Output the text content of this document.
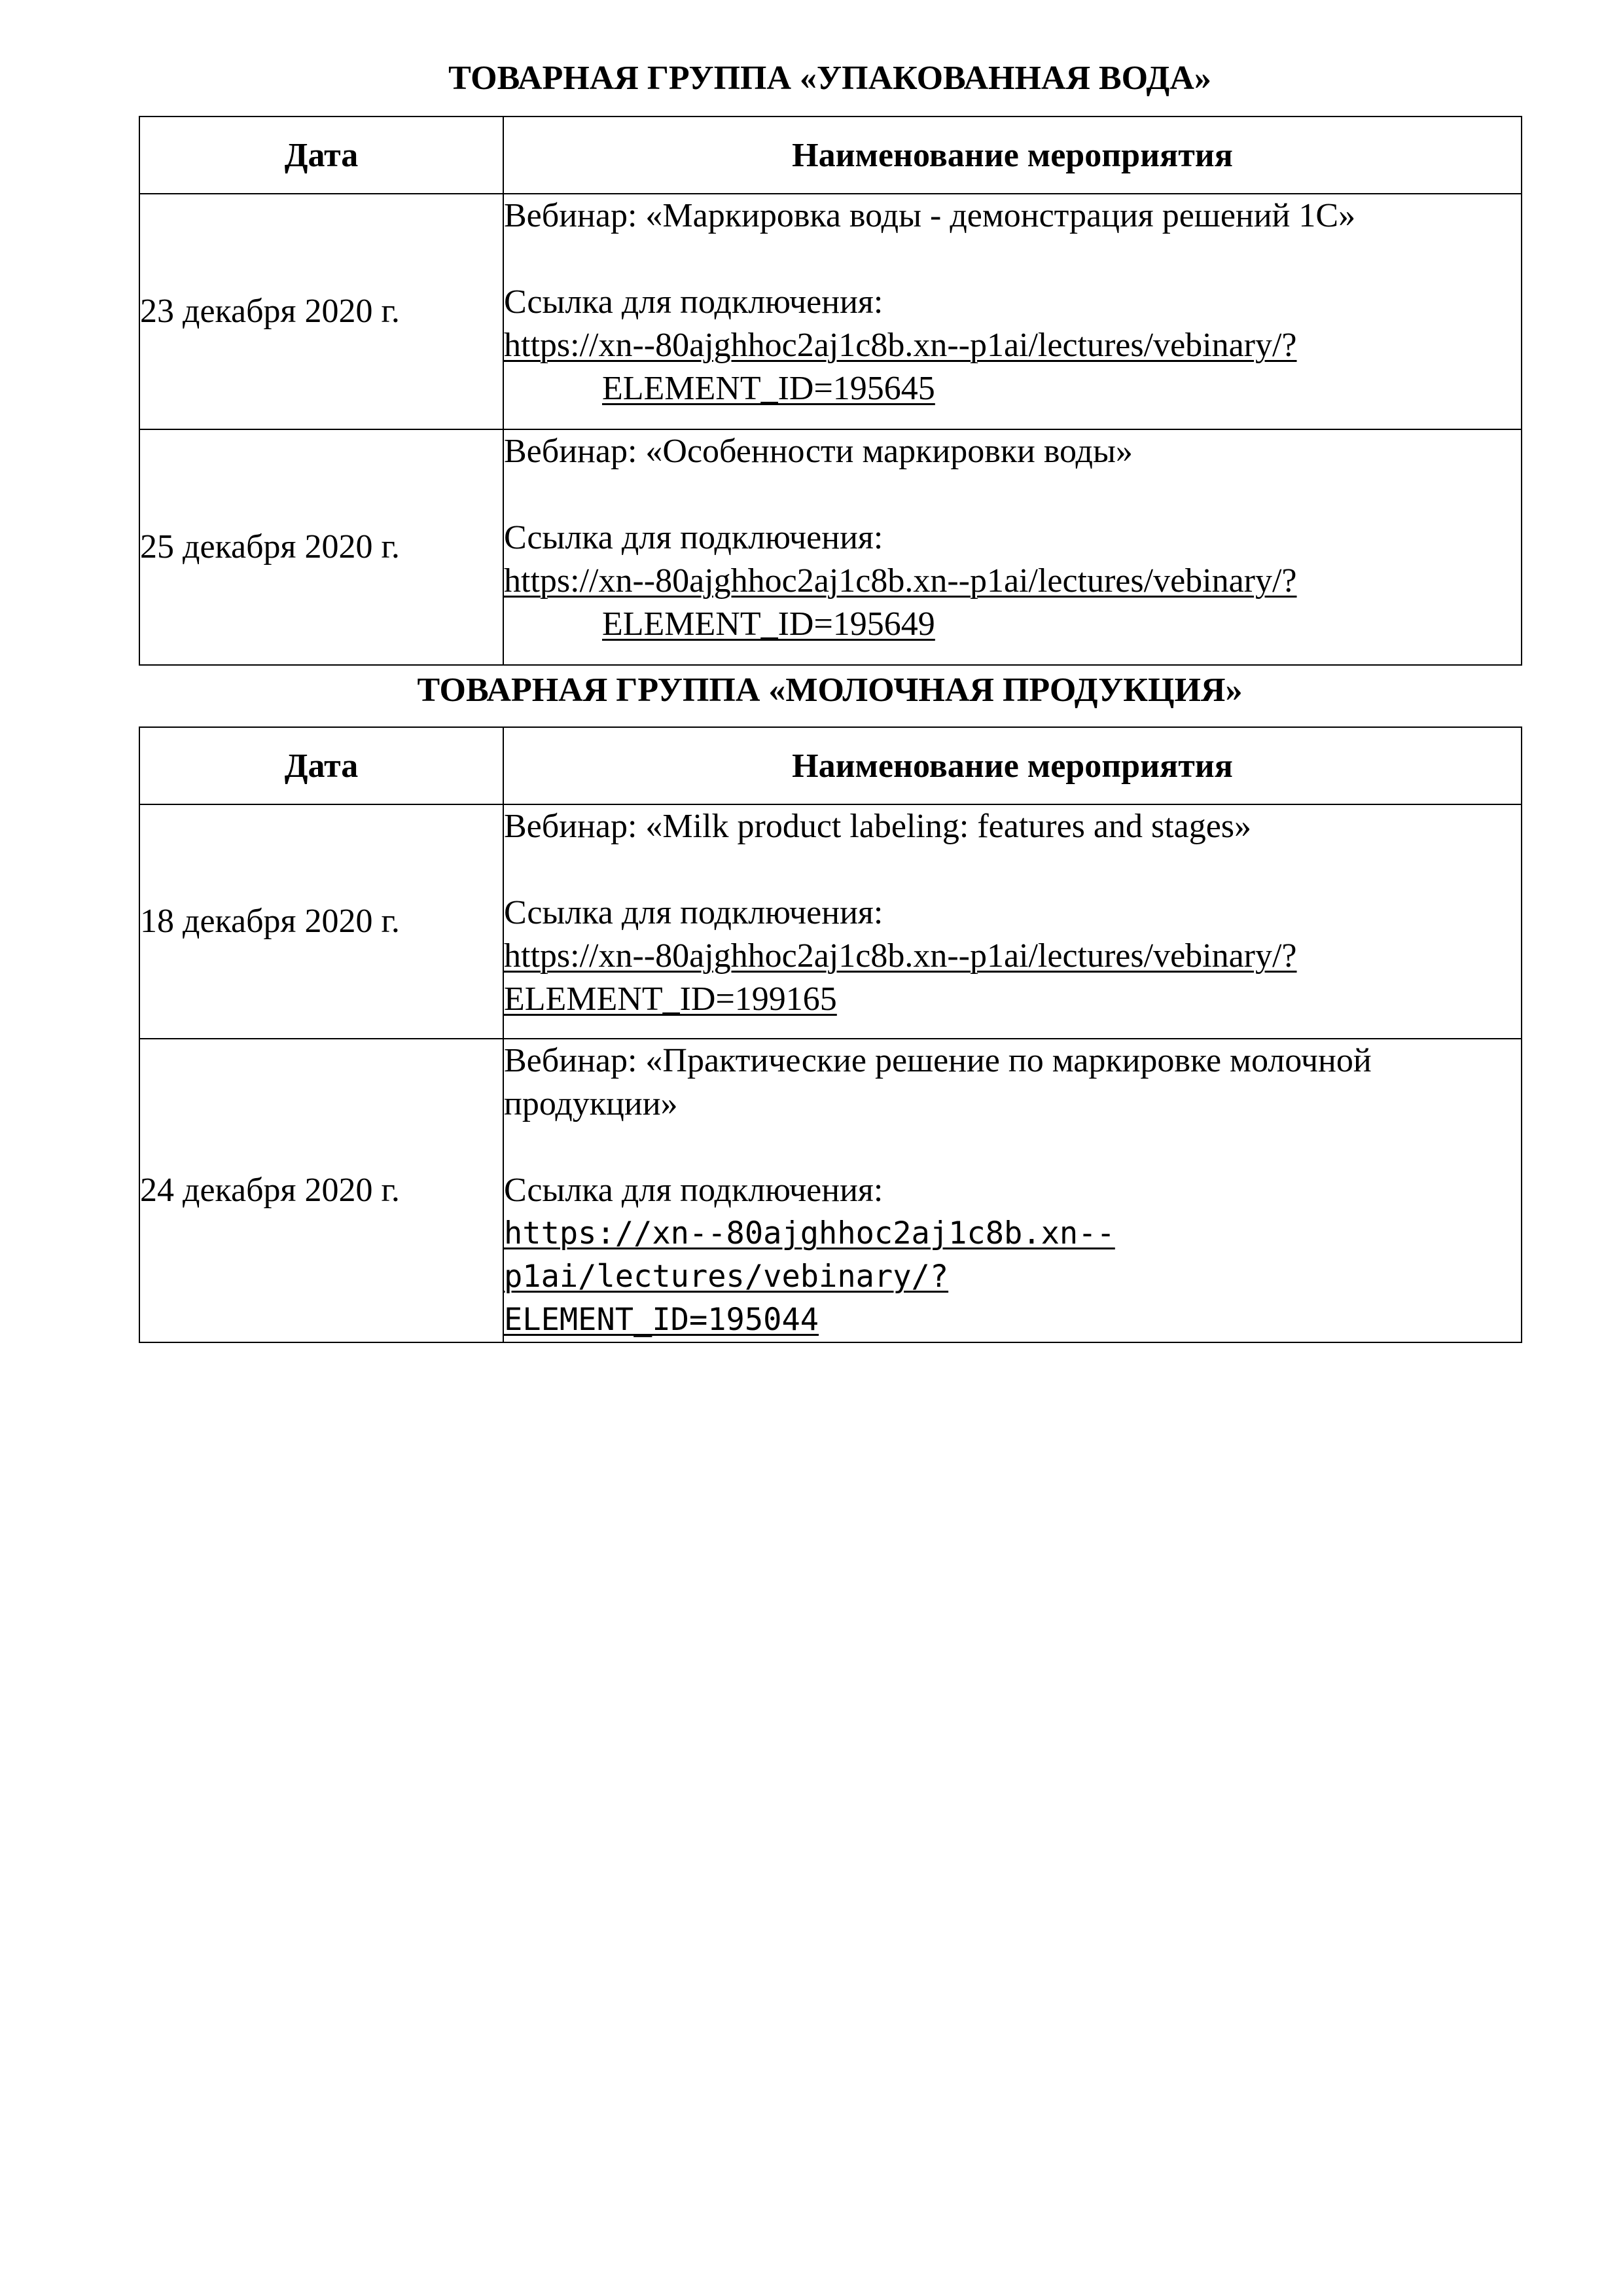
ТОВАРНАЯ ГРУППА «УПАКОВАННАЯ ВОДА»
Дата	Наименование мероприятия
23 декабря 2020 г.	Вебинар: «Маркировка воды - демонстрация решений 1С»
Ссылка для подключения:
https://xn--80ajghhoc2aj1c8b.xn--p1ai/lectures/vebinary/?
ELEMENT_ID=195645

25 декабря 2020 г.	Вебинар: «Особенности маркировки воды»
Ссылка для подключения:
https://xn--80ajghhoc2aj1c8b.xn--p1ai/lectures/vebinary/?
ELEMENT_ID=195649
ТОВАРНАЯ ГРУППА «МОЛОЧНАЯ ПРОДУКЦИЯ»
Дата	Наименование мероприятия
18 декабря 2020 г.	Вебинар: «Milk product labeling: features and stages»
Ссылка для подключения:
https://xn--80ajghhoc2aj1c8b.xn--p1ai/lectures/vebinary/?
ELEMENT_ID=199165

24 декабря 2020 г.	Вебинар: «Практические решение по маркировке молочной
продукции»
Ссылка для подключения:
https://xn--80ajghhoc2aj1c8b.xn--p1ai/lectures/vebinary/?
ELEMENT_ID=195044
